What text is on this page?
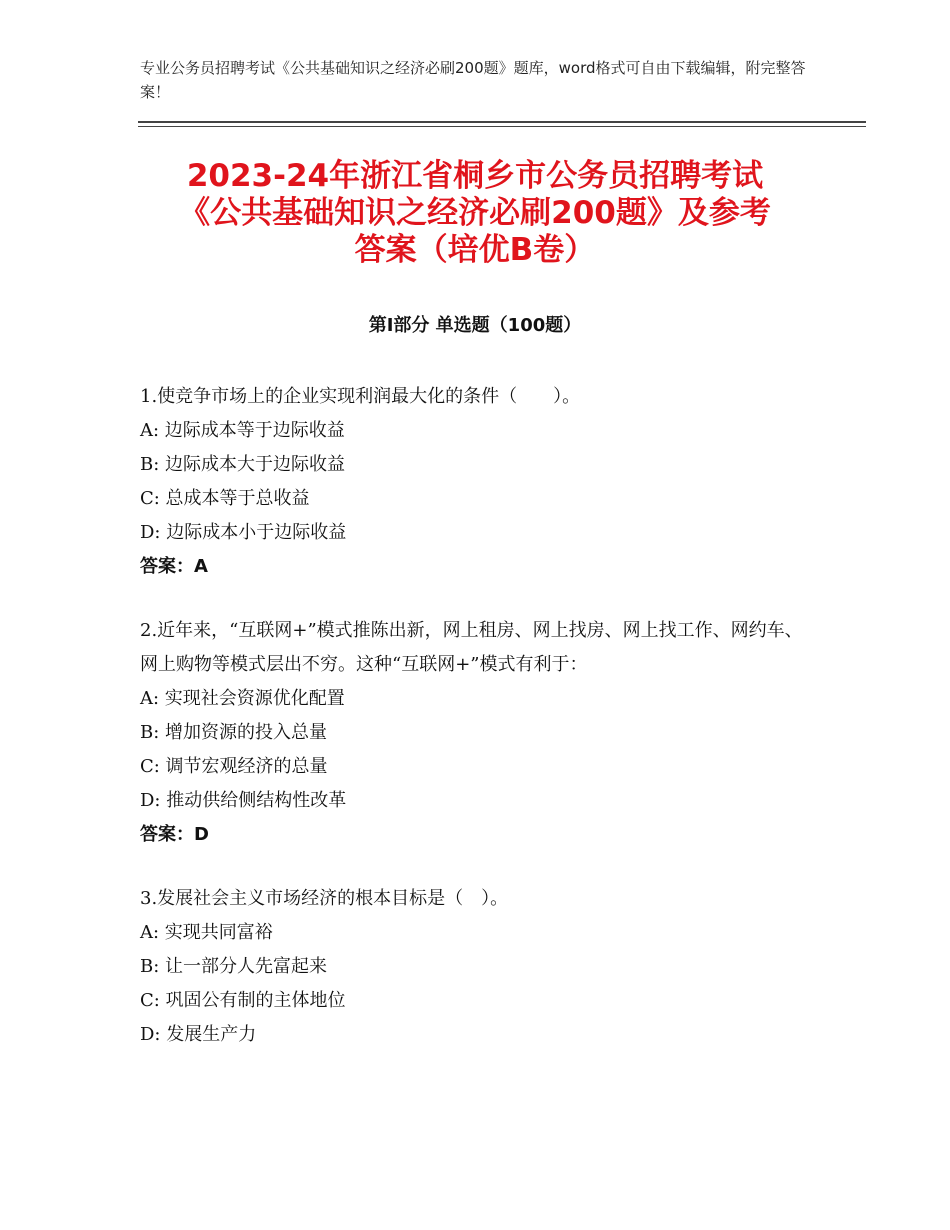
专业公务员招聘考试《公共基础知识之经济必刷200题》题库，word格式可自由下载编辑，附完整答案！
2023-24年浙江省桐乡市公务员招聘考试
《公共基础知识之经济必刷200题》及参考
答案（培优B卷）
第Ⅰ部分 单选题（100题）
1.使竞争市场上的企业实现利润最大化的条件（　　）。
A: 边际成本等于边际收益
B: 边际成本大于边际收益
C: 总成本等于总收益
D: 边际成本小于边际收益
答案：A
2.近年来，“互联网+”模式推陈出新，网上租房、网上找房、网上找工作、网约车、网上购物等模式层出不穷。这种“互联网+”模式有利于：
A: 实现社会资源优化配置
B: 增加资源的投入总量
C: 调节宏观经济的总量
D: 推动供给侧结构性改革
答案：D
3.发展社会主义市场经济的根本目标是（　）。
A: 实现共同富裕
B: 让一部分人先富起来
C: 巩固公有制的主体地位
D: 发展生产力
